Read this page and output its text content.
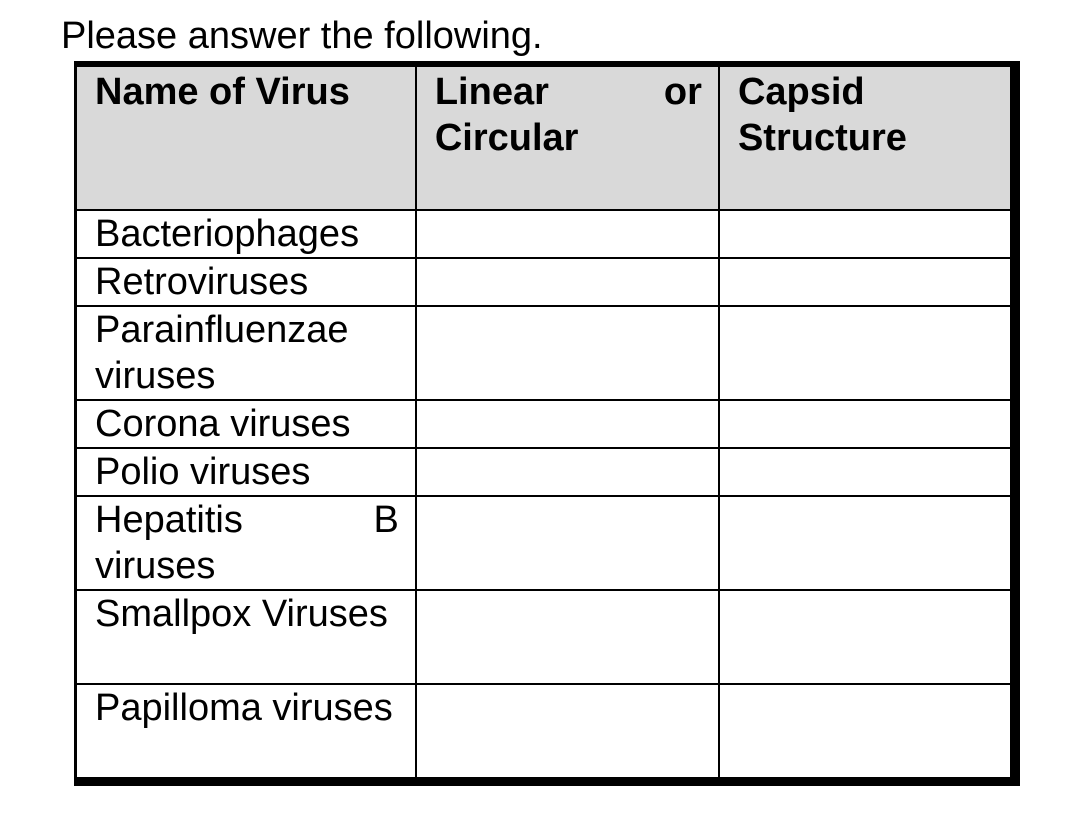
Please answer the following.
Name of Virus	Linear or Circular	Capsid Structure
Bacteriophages		
Retroviruses		
Parainfluenzae viruses		
Corona viruses		
Polio viruses		
Hepatitis B viruses		
Smallpox Viruses		
Papilloma viruses		
